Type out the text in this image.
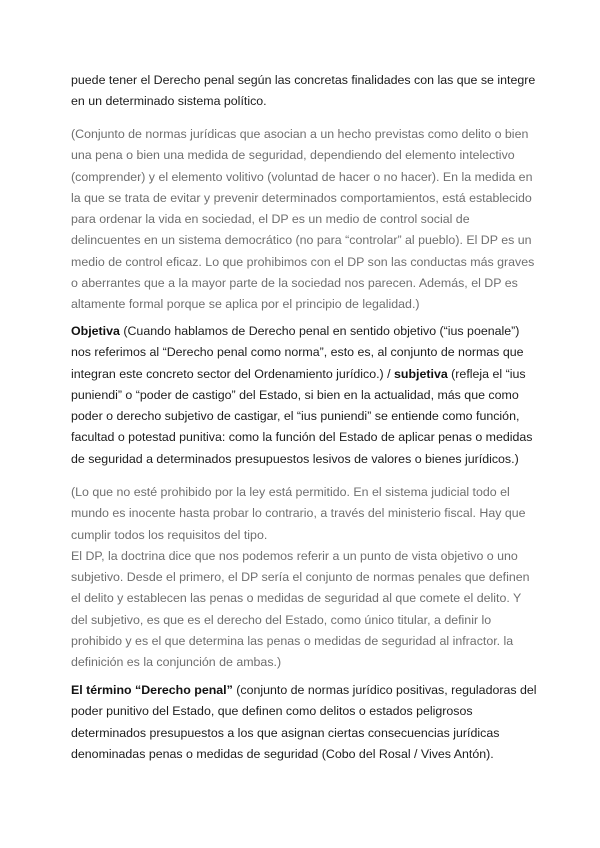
puede tener el Derecho penal según las concretas finalidades con las que se integre
en un determinado sistema político.
(Conjunto de normas jurídicas que asocian a un hecho previstas como delito o bien
una pena o bien una medida de seguridad, dependiendo del elemento intelectivo
(comprender) y el elemento volitivo (voluntad de hacer o no hacer). En la medida en
la que se trata de evitar y prevenir determinados comportamientos, está establecido
para ordenar la vida en sociedad, el DP es un medio de control social de
delincuentes en un sistema democrático (no para “controlar” al pueblo). El DP es un
medio de control eficaz. Lo que prohibimos con el DP son las conductas más graves
o aberrantes que a la mayor parte de la sociedad nos parecen. Además, el DP es
altamente formal porque se aplica por el principio de legalidad.)
Objetiva (Cuando hablamos de Derecho penal en sentido objetivo (“ius poenale”)
nos referimos al “Derecho penal como norma”, esto es, al conjunto de normas que
integran este concreto sector del Ordenamiento jurídico.) / subjetiva (refleja el “ius
puniendi” o “poder de castigo” del Estado, si bien en la actualidad, más que como
poder o derecho subjetivo de castigar, el “ius puniendi” se entiende como función,
facultad o potestad punitiva: como la función del Estado de aplicar penas o medidas
de seguridad a determinados presupuestos lesivos de valores o bienes jurídicos.)
(Lo que no esté prohibido por la ley está permitido. En el sistema judicial todo el
mundo es inocente hasta probar lo contrario, a través del ministerio fiscal. Hay que
cumplir todos los requisitos del tipo.
El DP, la doctrina dice que nos podemos referir a un punto de vista objetivo o uno
subjetivo. Desde el primero, el DP sería el conjunto de normas penales que definen
el delito y establecen las penas o medidas de seguridad al que comete el delito. Y
del subjetivo, es que es el derecho del Estado, como único titular, a definir lo
prohibido y es el que determina las penas o medidas de seguridad al infractor. la
definición es la conjunción de ambas.)
El término “Derecho penal” (conjunto de normas jurídico positivas, reguladoras del
poder punitivo del Estado, que definen como delitos o estados peligrosos
determinados presupuestos a los que asignan ciertas consecuencias jurídicas
denominadas penas o medidas de seguridad (Cobo del Rosal / Vives Antón).
